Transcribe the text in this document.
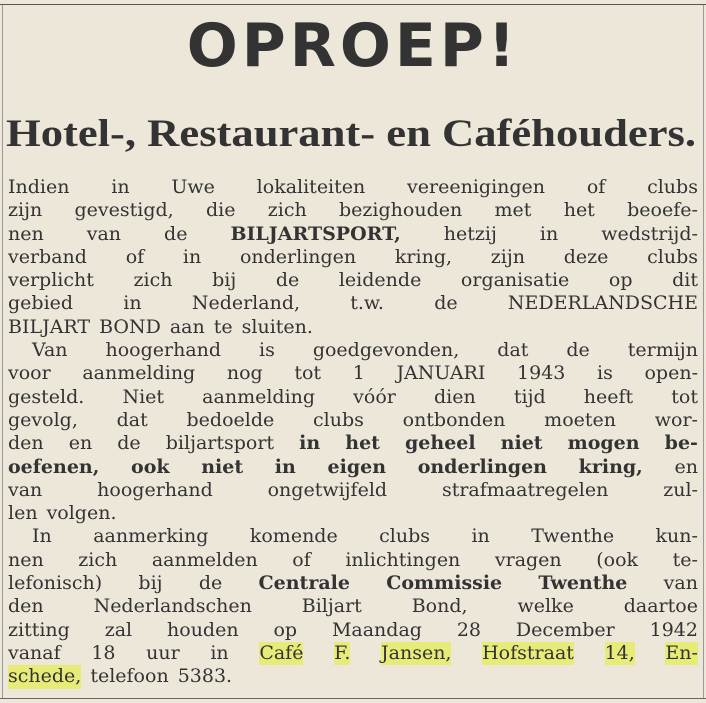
OPROEP!
Hotel-, Restaurant- en Caféhouders.
Indien in Uwe lokaliteiten vereenigingen of clubs
zijn gevestigd, die zich bezighouden met het beoefe-
nen van de BILJARTSPORT, hetzij in wedstrijd-
verband of in onderlingen kring, zijn deze clubs
verplicht zich bij de leidende organisatie op dit
gebied	in	Nederland,	t.w.	de	NEDERLANDSCHE
BILJART BOND aan te sluiten.
Van hoogerhand is goedgevonden, dat de termijn
voor aanmelding nog tot 1 JANUARI 1943 is open-
gesteld. Niet aanmelding vóór dien tijd heeft tot
gevolg, dat bedoelde clubs ontbonden moeten wor-
den en de biljartsport in het geheel niet mogen be-
oefenen, ook niet in eigen onderlingen kring, en
van	hoogerhand	ongetwijfeld	strafmaatregelen	zul-
len volgen.
In aanmerking komende clubs in Twenthe kun-
nen zich aanmelden of inlichtingen vragen (ook te-
lefonisch) bij de Centrale Commissie Twenthe van
den	Nederlandschen	Biljart	Bond,	welke	daartoe
zitting zal houden op Maandag 28 December 1942
vanaf 18 uur in Café F. Jansen, Hofstraat 14, En-
schede, telefoon 5383.
